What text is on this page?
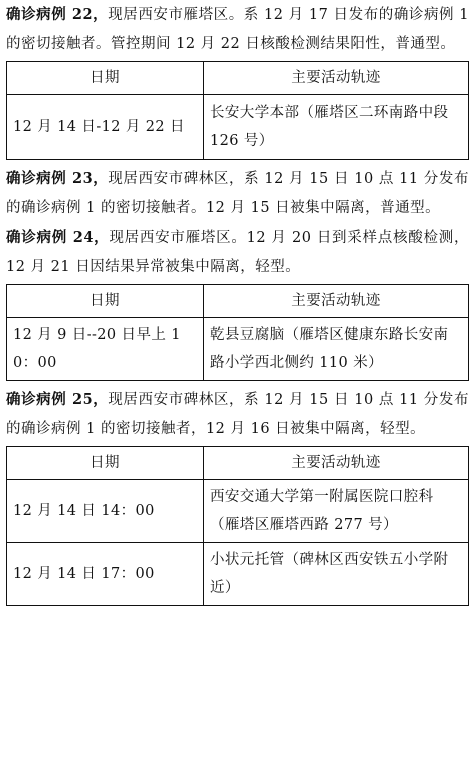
确诊病例 22，现居西安市雁塔区。系 12 月 17 日发布的确诊病例 1 的密切接触者。管控期间 12 月 22 日核酸检测结果阳性，普通型。

日期	主要活动轨迹
12 月 14 日-12 月 22 日	长安大学本部（雁塔区二环南路中段 126 号）

确诊病例 23，现居西安市碑林区，系 12 月 15 日 10 点 11 分发布的确诊病例 1 的密切接触者。12 月 15 日被集中隔离，普通型。

确诊病例 24，现居西安市雁塔区。12 月 20 日到采样点核酸检测，12 月 21 日因结果异常被集中隔离，轻型。

日期	主要活动轨迹
12 月 9 日--20 日早上 10：00	乾县豆腐脑（雁塔区健康东路长安南路小学西北侧约 110 米）

确诊病例 25，现居西安市碑林区，系 12 月 15 日 10 点 11 分发布的确诊病例 1 的密切接触者，12 月 16 日被集中隔离，轻型。

日期	主要活动轨迹
12 月 14 日 14：00	西安交通大学第一附属医院口腔科（雁塔区雁塔西路 277 号）
12 月 14 日 17：00	小状元托管（碑林区西安铁五小学附近）
